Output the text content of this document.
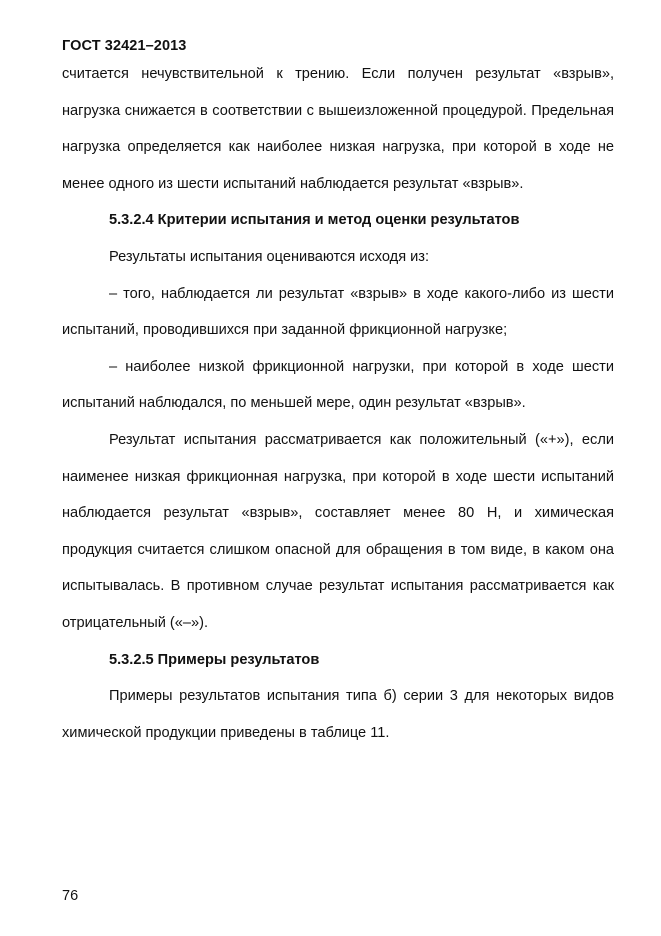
ГОСТ 32421–2013

считается нечувствительной к трению. Если получен результат «взрыв», нагрузка снижается в соответствии с вышеизложенной процедурой. Предельная нагрузка определяется как наиболее низкая нагрузка, при которой в ходе не менее одного из шести испытаний наблюдается результат «взрыв».

5.3.2.4 Критерии испытания и метод оценки результатов

Результаты испытания оцениваются исходя из:

– того, наблюдается ли результат «взрыв» в ходе какого-либо из шести испытаний, проводившихся при заданной фрикционной нагрузке;

– наиболее низкой фрикционной нагрузки, при которой в ходе шести испытаний наблюдался, по меньшей мере, один результат «взрыв».

Результат испытания рассматривается как положительный («+»), если наименее низкая фрикционная нагрузка, при которой в ходе шести испытаний наблюдается результат «взрыв», составляет менее 80 Н, и химическая продукция считается слишком опасной для обращения в том виде, в каком она испытывалась. В противном случае результат испытания рассматривается как отрицательный («–»).

5.3.2.5 Примеры результатов

Примеры результатов испытания типа б) серии 3 для некоторых видов химической продукции приведены в таблице 11.

76
